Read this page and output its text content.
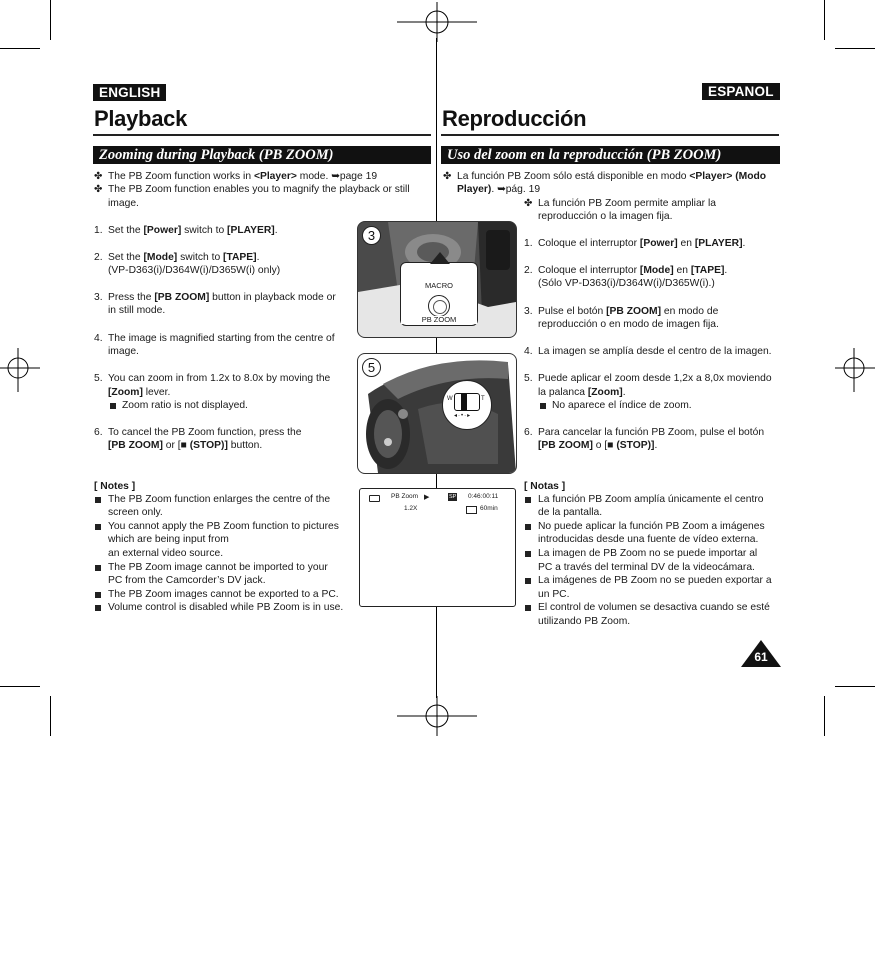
ENGLISH	ESPANOL
Playback	Reproducción
Zooming during Playback (PB ZOOM)	Uso del zoom en la reproducción (PB ZOOM)
✤ The PB Zoom function works in <Player> mode. ➥page 19
✤ The PB Zoom function enables you to magnify the playback or still
image.
1. Set the [Power] switch to [PLAYER].
2. Set the [Mode] switch to [TAPE].
(VP-D363(i)/D364W(i)/D365W(i) only)
3. Press the [PB ZOOM] button in playback mode or
in still mode.
4. The image is magnified starting from the centre of
image.
5. You can zoom in from 1.2x to 8.0x by moving the
[Zoom] lever.
Zoom ratio is not displayed.
6. To cancel the PB Zoom function, press the
[PB ZOOM] or [■ (STOP)] button.
[ Notes ]
The PB Zoom function enlarges the centre of the
screen only.
You cannot apply the PB Zoom function to pictures
which are being input from
an external video source.
The PB Zoom image cannot be imported to your
PC from the Camcorder’s DV jack.
The PB Zoom images cannot be exported to a PC.
Volume control is disabled while PB Zoom is in use.
MACRO
PB ZOOM
3
W	T
◂·•·▸
5
PB Zoom ▶	SP 0:46:00:11
1.2X	60min
✤ La función PB Zoom sólo está disponible en modo <Player> (Modo
Player). ➥pág. 19
✤ La función PB Zoom permite ampliar la
reproducción o la imagen fija.
1. Coloque el interruptor [Power] en [PLAYER].
2. Coloque el interruptor [Mode] en [TAPE].
(Sólo VP-D363(i)/D364W(i)/D365W(i).)
3. Pulse el botón [PB ZOOM] en modo de
reproducción o en modo de imagen fija.
4. La imagen se amplía desde el centro de la imagen.
5. Puede aplicar el zoom desde 1,2x a 8,0x moviendo
la palanca [Zoom].
No aparece el índice de zoom.
6. Para cancelar la función PB Zoom, pulse el botón
[PB ZOOM] o [■ (STOP)].
[ Notas ]
La función PB Zoom amplía únicamente el centro
de la pantalla.
No puede aplicar la función PB Zoom a imágenes
introducidas desde una fuente de vídeo externa.
La imagen de PB Zoom no se puede importar al
PC a través del terminal DV de la videocámara.
La imágenes de PB Zoom no se pueden exportar a
un PC.
El control de volumen se desactiva cuando se esté
utilizando PB Zoom.
61
